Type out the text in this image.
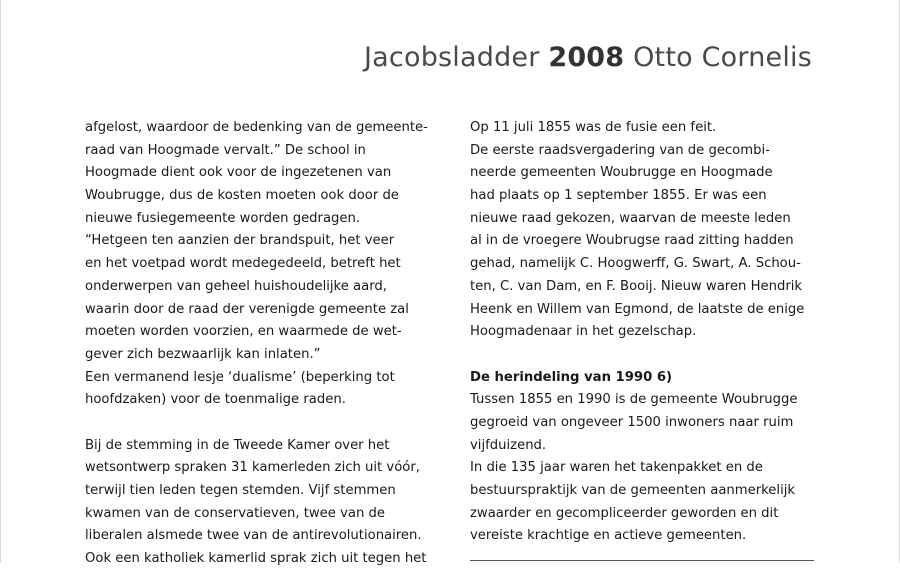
Jacobsladder 2008 Otto Cornelis
afgelost, waardoor de bedenking van de gemeente-
raad van Hoogmade vervalt.” De school in
Hoogmade dient ook voor de ingezetenen van
Woubrugge, dus de kosten moeten ook door de
nieuwe fusiegemeente worden gedragen.
“Hetgeen ten aanzien der brandspuit, het veer
en het voetpad wordt medegedeeld, betreft het
onderwerpen van geheel huishoudelijke aard,
waarin door de raad der verenigde gemeente zal
moeten worden voorzien, en waarmede de wet-
gever zich bezwaarlijk kan inlaten.”
Een vermanend lesje ‘dualisme’ (beperking tot
hoofdzaken) voor de toenmalige raden.
Bij de stemming in de Tweede Kamer over het
wetsontwerp spraken 31 kamerleden zich uit vóór,
terwijl tien leden tegen stemden. Vijf stemmen
kwamen van de conservatieven, twee van de
liberalen alsmede twee van de antirevolutionairen.
Ook een katholiek kamerlid sprak zich uit tegen het
Op 11 juli 1855 was de fusie een feit.
De eerste raadsvergadering van de gecombi-
neerde gemeenten Woubrugge en Hoogmade
had plaats op 1 september 1855. Er was een
nieuwe raad gekozen, waarvan de meeste leden
al in de vroegere Woubrugse raad zitting hadden
gehad, namelijk C. Hoogwerff, G. Swart, A. Schou-
ten, C. van Dam, en F. Booij. Nieuw waren Hendrik
Heenk en Willem van Egmond, de laatste de enige
Hoogmadenaar in het gezelschap.
De herindeling van 1990 6)
Tussen 1855 en 1990 is de gemeente Woubrugge
gegroeid van ongeveer 1500 inwoners naar ruim
vijfduizend.
In die 135 jaar waren het takenpakket en de
bestuurspraktijk van de gemeenten aanmerkelijk
zwaarder en gecompliceerder geworden en dit
vereiste krachtige en actieve gemeenten.
